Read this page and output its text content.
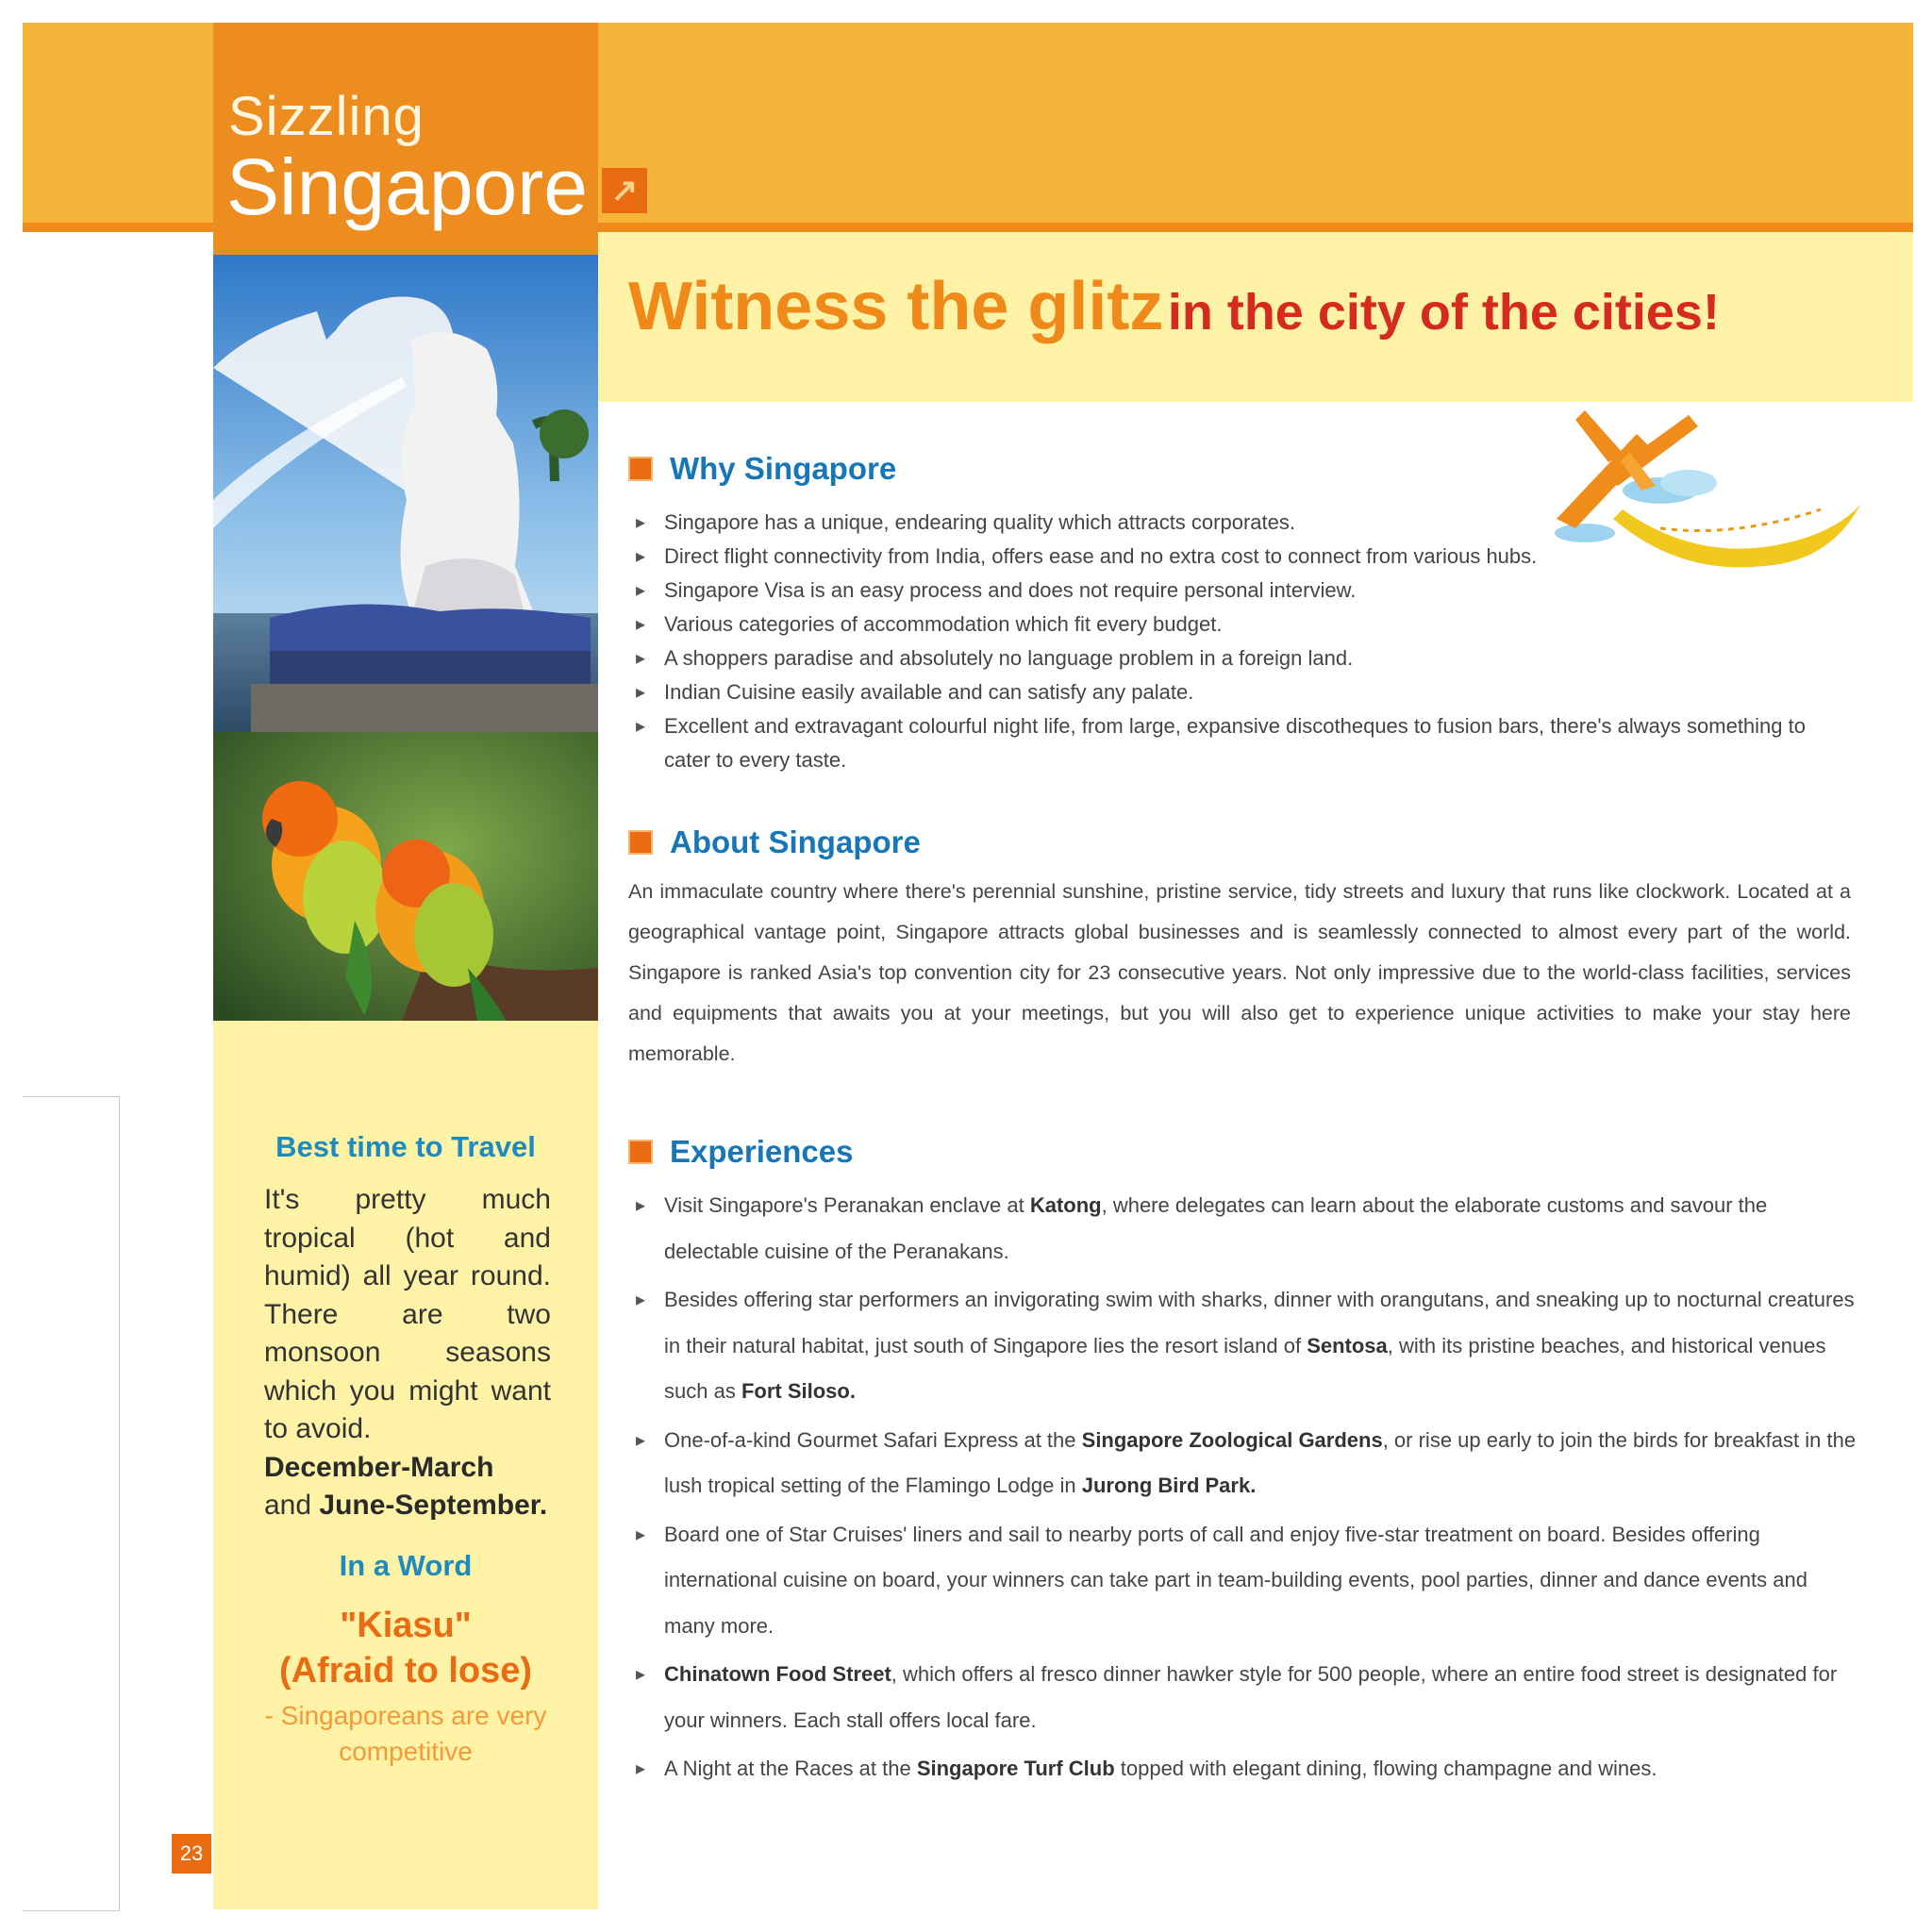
Sizzling
Singapore ↗
23
Best time to Travel
It's pretty much tropical (hot and humid) all year round. There are two monsoon seasons which you might want to avoid.
December-March
and June-September.
In a Word
"Kiasu"
(Afraid to lose)
- Singaporeans are very competitive
Witness the glitz in the city of the cities!
Why Singapore
▸ Singapore has a unique, endearing quality which attracts corporates.
▸ Direct flight connectivity from India, offers ease and no extra cost to connect from various hubs.
▸ Singapore Visa is an easy process and does not require personal interview.
▸ Various categories of accommodation which fit every budget.
▸ A shoppers paradise and absolutely no language problem in a foreign land.
▸ Indian Cuisine easily available and can satisfy any palate.
▸ Excellent and extravagant colourful night life, from large, expansive discotheques to fusion bars, there's always something to cater to every taste.
About Singapore

An immaculate country where there's perennial sunshine, pristine service, tidy streets and luxury that runs like clockwork. Located at a geographical vantage point, Singapore attracts global businesses and is seamlessly connected to almost every part of the world. Singapore is ranked Asia's top convention city for 23 consecutive years. Not only impressive due to the world-class facilities, services and equipments that awaits you at your meetings, but you will also get to experience unique activities to make your stay here memorable.

Experiences
▸ Visit Singapore's Peranakan enclave at Katong, where delegates can learn about the elaborate customs and savour the delectable cuisine of the Peranakans.
▸ Besides offering star performers an invigorating swim with sharks, dinner with orangutans, and sneaking up to nocturnal creatures in their natural habitat, just south of Singapore lies the resort island of Sentosa, with its pristine beaches, and historical venues such as Fort Siloso.
▸ One-of-a-kind Gourmet Safari Express at the Singapore Zoological Gardens, or rise up early to join the birds for breakfast in the lush tropical setting of the Flamingo Lodge in Jurong Bird Park.
▸ Board one of Star Cruises' liners and sail to nearby ports of call and enjoy five-star treatment on board. Besides offering international cuisine on board, your winners can take part in team-building events, pool parties, dinner and dance events and many more.
▸ Chinatown Food Street, which offers al fresco dinner hawker style for 500 people, where an entire food street is designated for your winners. Each stall offers local fare.
▸ A Night at the Races at the Singapore Turf Club topped with elegant dining, flowing champagne and wines.
